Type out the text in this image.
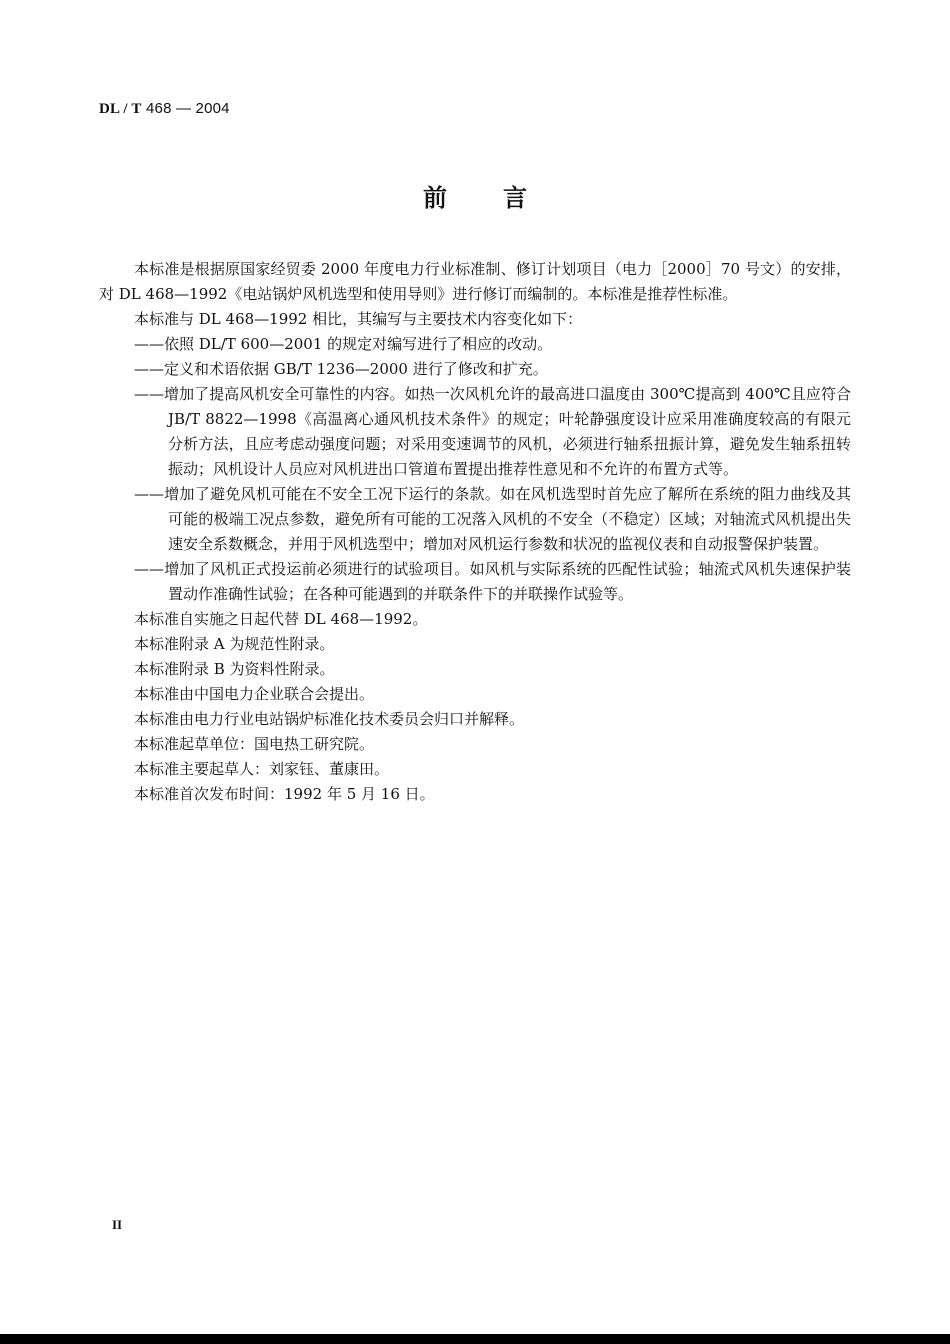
DL / T 468 — 2004
前言

本标准是根据原国家经贸委 2000 年度电力行业标准制、修订计划项目（电力［2000］70 号文）的安排，对 DL 468—1992《电站锅炉风机选型和使用导则》进行修订而编制的。本标准是推荐性标准。

本标准与 DL 468—1992 相比，其编写与主要技术内容变化如下：

——依照 DL/T 600—2001 的规定对编写进行了相应的改动。

——定义和术语依据 GB/T 1236—2000 进行了修改和扩充。

——增加了提高风机安全可靠性的内容。如热一次风机允许的最高进口温度由 300℃提高到 400℃且应符合 JB/T 8822—1998《高温离心通风机技术条件》的规定；叶轮静强度设计应采用准确度较高的有限元分析方法，且应考虑动强度问题；对采用变速调节的风机，必须进行轴系扭振计算，避免发生轴系扭转振动；风机设计人员应对风机进出口管道布置提出推荐性意见和不允许的布置方式等。

——增加了避免风机可能在不安全工况下运行的条款。如在风机选型时首先应了解所在系统的阻力曲线及其可能的极端工况点参数，避免所有可能的工况落入风机的不安全（不稳定）区域；对轴流式风机提出失速安全系数概念，并用于风机选型中；增加对风机运行参数和状况的监视仪表和自动报警保护装置。

——增加了风机正式投运前必须进行的试验项目。如风机与实际系统的匹配性试验；轴流式风机失速保护装置动作准确性试验；在各种可能遇到的并联条件下的并联操作试验等。

本标准自实施之日起代替 DL 468—1992。

本标准附录 A 为规范性附录。

本标准附录 B 为资料性附录。

本标准由中国电力企业联合会提出。

本标准由电力行业电站锅炉标准化技术委员会归口并解释。

本标准起草单位：国电热工研究院。

本标准主要起草人：刘家钰、董康田。

本标准首次发布时间：1992 年 5 月 16 日。

II
